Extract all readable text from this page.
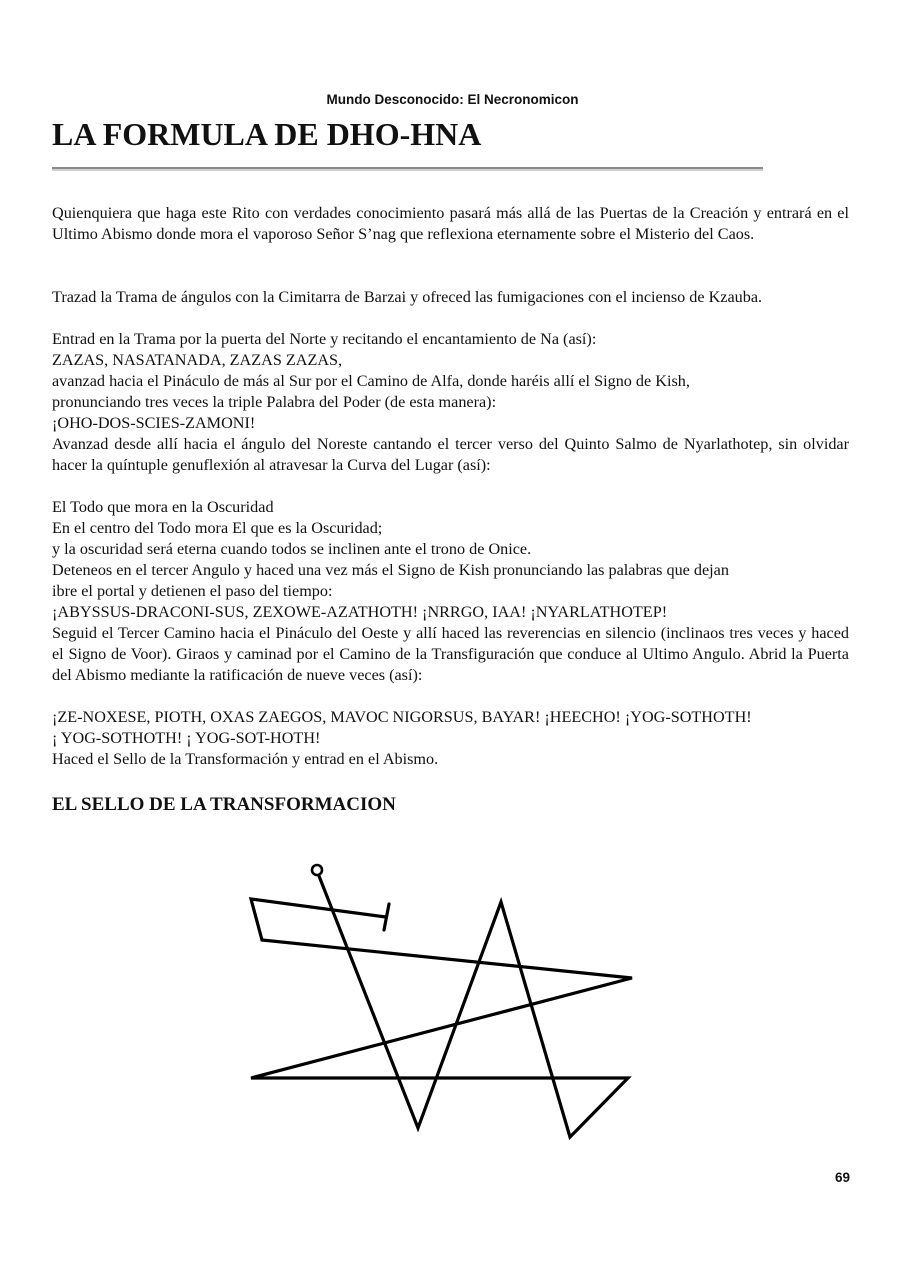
Mundo Desconocido: El Necronomicon
LA FORMULA DE DHO-HNA

Quienquiera que haga este Rito con verdades conocimiento pasará más allá de las Puertas de la Creación y entrará en el Ultimo Abismo donde mora el vaporoso Señor S’nag que reflexiona eternamente sobre el Misterio del Caos.

Trazad la Trama de ángulos con la Cimitarra de Barzai y ofreced las fumigaciones con el incienso de Kzauba.

Entrad en la Trama por la puerta del Norte y recitando el encantamiento de Na (así):
ZAZAS, NASATANADA, ZAZAS ZAZAS,
avanzad hacia el Pináculo de más al Sur por el Camino de Alfa, donde haréis allí el Signo de Kish,
pronunciando tres veces la triple Palabra del Poder (de esta manera):
¡OHO-DOS-SCIES-ZAMONI!

Avanzad desde allí hacia el ángulo del Noreste cantando el tercer verso del Quinto Salmo de Nyarlathotep, sin olvidar hacer la quíntuple genuflexión al atravesar la Curva del Lugar (así):

El Todo que mora en la Oscuridad
En el centro del Todo mora El que es la Oscuridad;
y la oscuridad será eterna cuando todos se inclinen ante el trono de Onice.
Deteneos en el tercer Angulo y haced una vez más el Signo de Kish pronunciando las palabras que dejan
ibre el portal y detienen el paso del tiempo:
¡ABYSSUS-DRACONI-SUS, ZEXOWE-AZATHOTH! ¡NRRGO, IAA! ¡NYARLATHOTEP!

Seguid el Tercer Camino hacia el Pináculo del Oeste y allí haced las reverencias en silencio (inclinaos tres veces y haced el Signo de Voor). Giraos y caminad por el Camino de la Transfiguración que conduce al Ultimo Angulo. Abrid la Puerta del Abismo mediante la ratificación de nueve veces (así):

¡ZE-NOXESE, PIOTH, OXAS ZAEGOS, MAVOC NIGORSUS, BAYAR! ¡HEECHO! ¡YOG-SOTHOTH!
¡ YOG-SOTHOTH! ¡ YOG-SOT-HOTH!
Haced el Sello de la Transformación y entrad en el Abismo.
EL SELLO DE LA TRANSFORMACION
69
